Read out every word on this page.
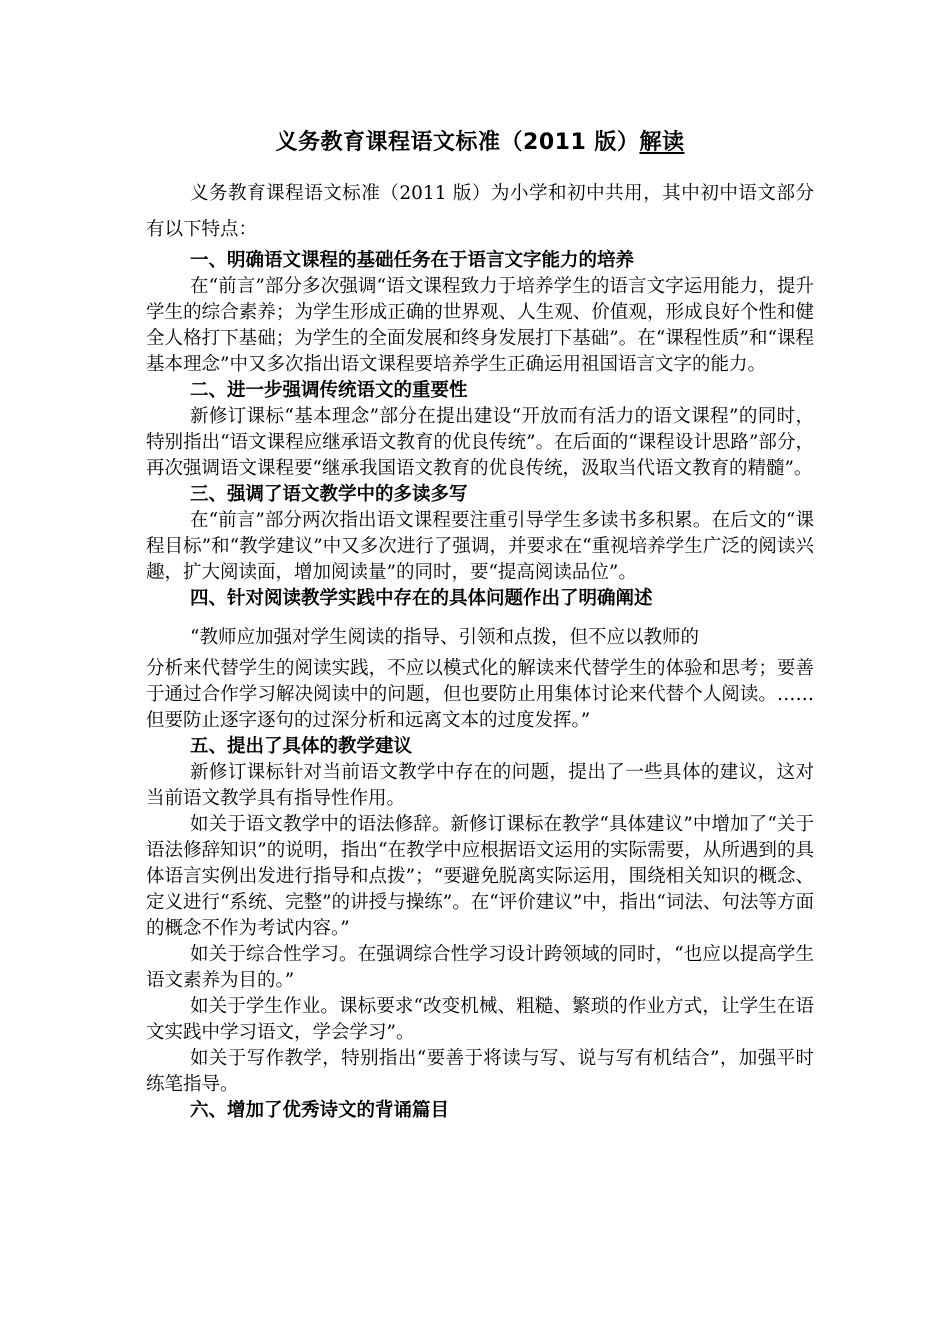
义务教育课程语文标准（2011 版）解读

义务教育课程语文标准（2011 版）为小学和初中共用，其中初中语文部分有以下特点：

一、明确语文课程的基础任务在于语言文字能力的培养

在“前言”部分多次强调“语文课程致力于培养学生的语言文字运用能力，提升学生的综合素养；为学生形成正确的世界观、人生观、价值观，形成良好个性和健全人格打下基础；为学生的全面发展和终身发展打下基础”。在“课程性质”和“课程基本理念”中又多次指出语文课程要培养学生正确运用祖国语言文字的能力。

二、进一步强调传统语文的重要性

新修订课标“基本理念”部分在提出建设“开放而有活力的语文课程”的同时，特别指出“语文课程应继承语文教育的优良传统”。在后面的“课程设计思路”部分，再次强调语文课程要“继承我国语文教育的优良传统，汲取当代语文教育的精髓”。

三、强调了语文教学中的多读多写

在“前言”部分两次指出语文课程要注重引导学生多读书多积累。在后文的“课程目标”和“教学建议”中又多次进行了强调，并要求在“重视培养学生广泛的阅读兴趣，扩大阅读面，增加阅读量”的同时，要“提高阅读品位”。

四、针对阅读教学实践中存在的具体问题作出了明确阐述

“教师应加强对学生阅读的指导、引领和点拨，但不应以教师的

分析来代替学生的阅读实践，不应以模式化的解读来代替学生的体验和思考；要善于通过合作学习解决阅读中的问题，但也要防止用集体讨论来代替个人阅读。……但要防止逐字逐句的过深分析和远离文本的过度发挥。”

五、提出了具体的教学建议

新修订课标针对当前语文教学中存在的问题，提出了一些具体的建议，这对当前语文教学具有指导性作用。

如关于语文教学中的语法修辞。新修订课标在教学“具体建议”中增加了“关于语法修辞知识”的说明，指出“在教学中应根据语文运用的实际需要，从所遇到的具体语言实例出发进行指导和点拨”；“要避免脱离实际运用，围绕相关知识的概念、定义进行“系统、完整”的讲授与操练”。在“评价建议”中，指出“词法、句法等方面的概念不作为考试内容。”

如关于综合性学习。在强调综合性学习设计跨领域的同时，“也应以提高学生语文素养为目的。”

如关于学生作业。课标要求“改变机械、粗糙、繁琐的作业方式，让学生在语文实践中学习语文，学会学习”。

如关于写作教学，特别指出“要善于将读与写、说与写有机结合”，加强平时练笔指导。

六、增加了优秀诗文的背诵篇目
